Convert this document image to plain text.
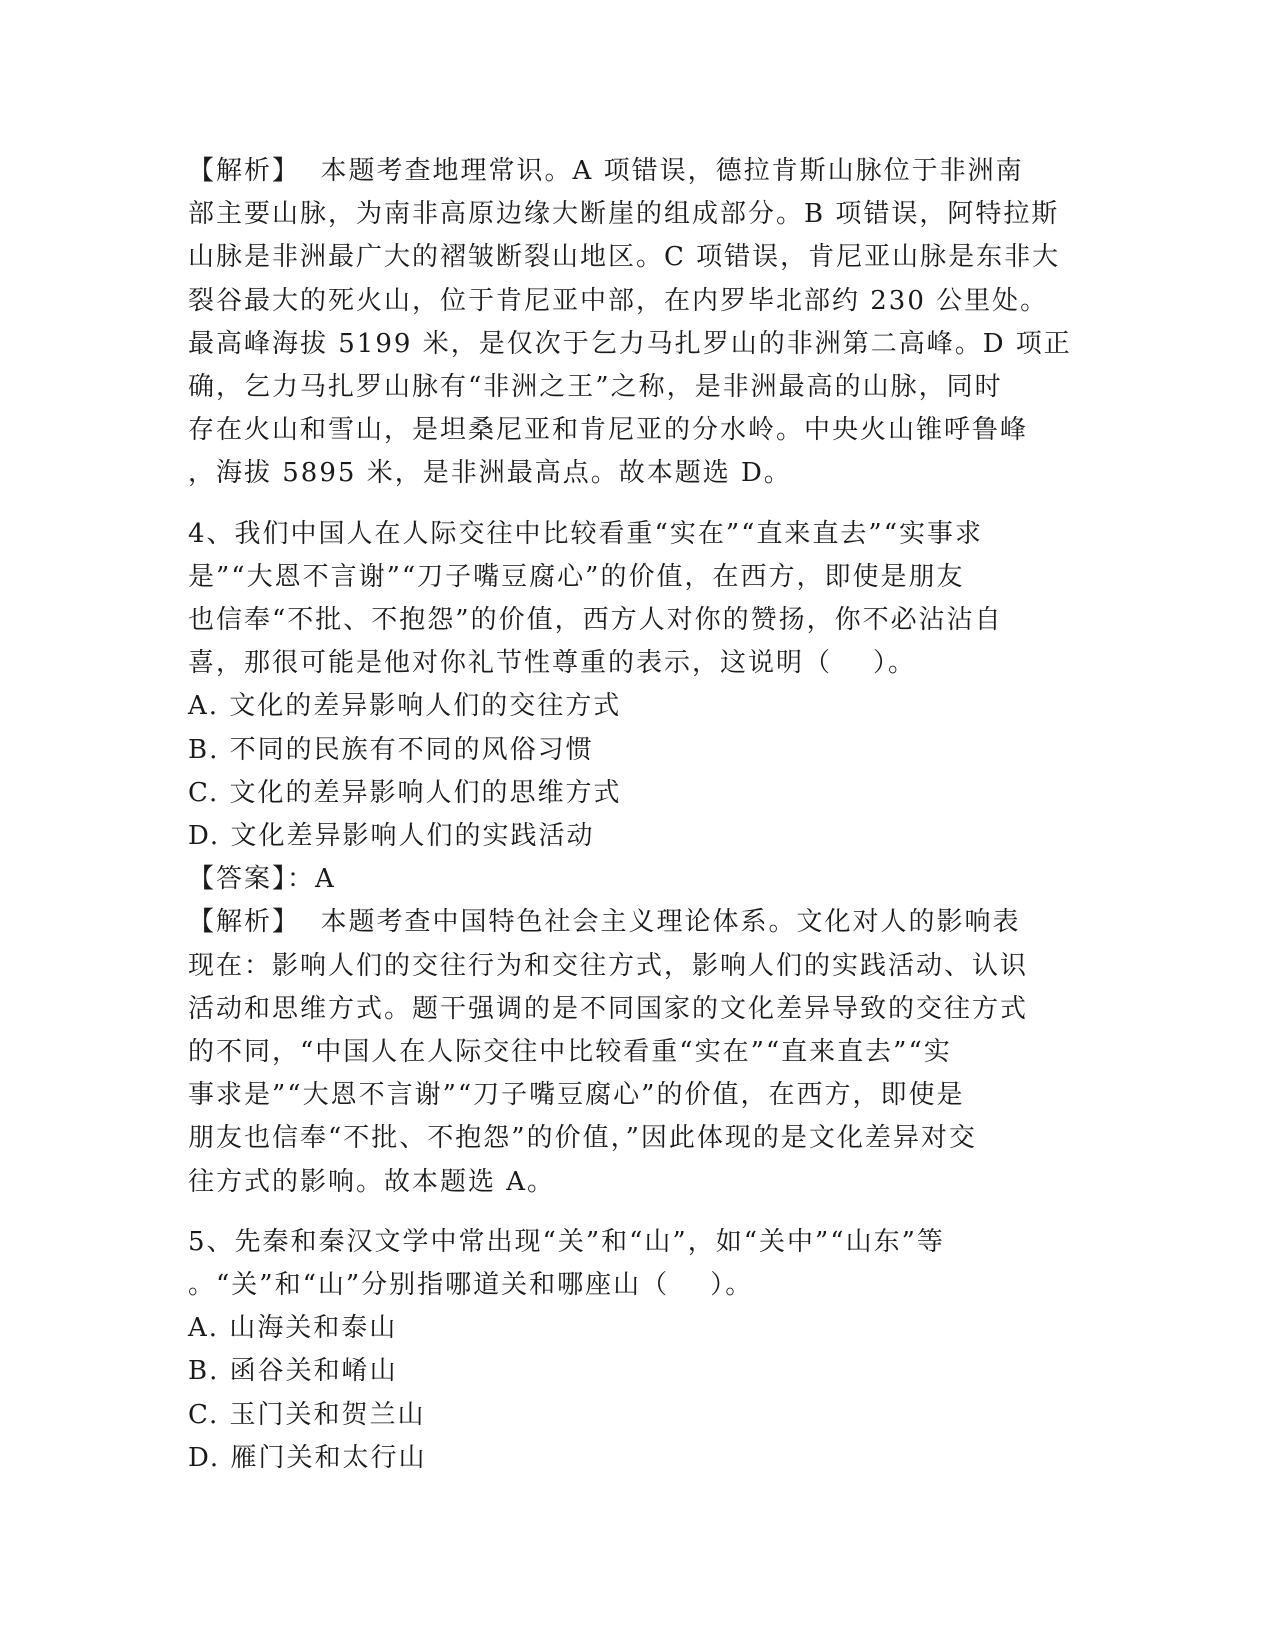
【解析】  本题考查地理常识。A 项错误，德拉肯斯山脉位于非洲南
部主要山脉，为南非高原边缘大断崖的组成部分。B 项错误，阿特拉斯
山脉是非洲最广大的褶皱断裂山地区。C 项错误，肯尼亚山脉是东非大
裂谷最大的死火山，位于肯尼亚中部，在内罗毕北部约 230 公里处。
最高峰海拔 5199 米，是仅次于乞力马扎罗山的非洲第二高峰。D 项正
确，乞力马扎罗山脉有“非洲之王”之称，是非洲最高的山脉，同时
存在火山和雪山，是坦桑尼亚和肯尼亚的分水岭。中央火山锥呼鲁峰
，海拔 5895 米，是非洲最高点。故本题选 D。
4、我们中国人在人际交往中比较看重“实在”“直来直去”“实事求
是”“大恩不言谢”“刀子嘴豆腐心”的价值，在西方，即使是朋友
也信奉“不批、不抱怨”的价值，西方人对你的赞扬，你不必沾沾自
喜，那很可能是他对你礼节性尊重的表示，这说明（    ）。

A. 文化的差异影响人们的交往方式

B. 不同的民族有不同的风俗习惯

C. 文化的差异影响人们的思维方式

D. 文化差异影响人们的实践活动

【答案】：A

【解析】  本题考查中国特色社会主义理论体系。文化对人的影响表
现在：影响人们的交往行为和交往方式，影响人们的实践活动、认识
活动和思维方式。题干强调的是不同国家的文化差异导致的交往方式
的不同，“中国人在人际交往中比较看重“实在”“直来直去”“实
事求是”“大恩不言谢”“刀子嘴豆腐心”的价值，在西方，即使是
朋友也信奉“不批、不抱怨”的价值，”因此体现的是文化差异对交
往方式的影响。故本题选 A。
5、先秦和秦汉文学中常出现“关”和“山”，如“关中”“山东”等
。“关”和“山”分别指哪道关和哪座山（    ）。

A. 山海关和泰山

B. 函谷关和崤山

C. 玉门关和贺兰山

D. 雁门关和太行山
